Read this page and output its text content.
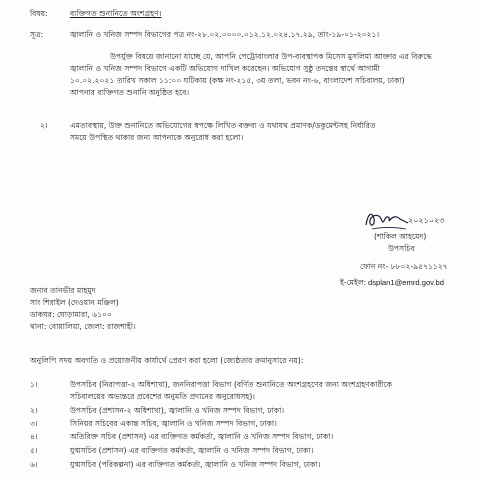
বিষয়:	ব্যক্তিগত শুনানিতে অংশগ্রহণ।
সূত্র:	জ্বালানি ও খনিজ সম্পদ বিভাগের পত্র নং-২৮.০২.০০০০.০১২.১২.০২৪.১৭.২৯, তাং-১৯-০১-২০২১।
উপর্যুক্ত বিষয়ে জানানো যাচ্ছে যে, আপনি পেট্রোবাংলার উপ-ব্যবস্থাপক মিসেস মুসলিমা আক্তার এর বিরুদ্ধে
জ্বালানি ও খনিজ সম্পদ বিভাগে একটি অভিযোগ দাখিল করেছেন। অভিযোগ সুষ্ঠু তদন্তের স্বার্থে আগামী
১০.০২.২০২১ তারিখ সকাল ১১:০০ ঘটিকায় (কক্ষ নং-২১৫, ৩য় তলা, ভবন নং-৬, বাংলাদেশ সচিবালয়, ঢাকা)
আপনার ব্যক্তিগত শুনানি অনুষ্ঠিত হবে।
২।	এমতাবস্থায়, উক্ত শুনানিতে অভিযোগের স্বপক্ষে লিখিত বক্তব্য ও যথাযথ প্রমাণক/ডকুমেন্টসহ নির্ধারিত
সময়ে উপস্থিত থাকার জন্য আপনাকে অনুরোধ করা হলো।
২০২১০২৩
(শাকিল আহমেদ)
উপসচিব
ফোন নং- ৮৮০২-৯৫৭১১২৭
ই-মেইল: dsplan1@emrd.gov.bd
জনাব তানভীর মাহমুদ
সাং শিরাইল (দেওয়ান মঞ্জিল)
ডাকঘর: ঘোড়ামারা, ৬১০০
থানা: বোয়ালিয়া, জেলা: রাজশাহী।
অনুলিপি সদয় অবগতি ও প্রয়োজনীয় কার্যার্থে প্রেরণ করা হলো (জ্যেষ্ঠতার ক্রমানুসারে নয়):
১।	উপসচিব (নিরাপত্তা-২ অধিশাখা), জননিরাপত্তা বিভাগ (বর্ণিত শুনানিতে অংশগ্রহণের জন্য অংশগ্রহণকারীকে
সচিবালয়ের অভ্যন্তরে প্রবেশের অনুমতি প্রদানের অনুরোধসহ)।
২।	উপসচিব (প্রশাসন-২ অধিশাখা), জ্বালানি ও খনিজ সম্পদ বিভাগ, ঢাকা।
৩।	সিনিয়র সচিবের একান্ত সচিব, জ্বালানি ও খনিজ সম্পদ বিভাগ, ঢাকা।
৪।	অতিরিক্ত সচিব (প্রশাসন) এর ব্যক্তিগত কর্মকর্তা, জ্বালানি ও খনিজ সম্পদ বিভাগ, ঢাকা।
৫।	যুগ্মসচিব (প্রশাসন) এর ব্যক্তিগত কর্মকর্তা, জ্বালানি ও খনিজ সম্পদ বিভাগ, ঢাকা।
৬।	যুগ্মসচিব (পরিকল্পনা) এর ব্যক্তিগত কর্মকর্তা, জ্বালানি ও খনিজ সম্পদ বিভাগ, ঢাকা।
